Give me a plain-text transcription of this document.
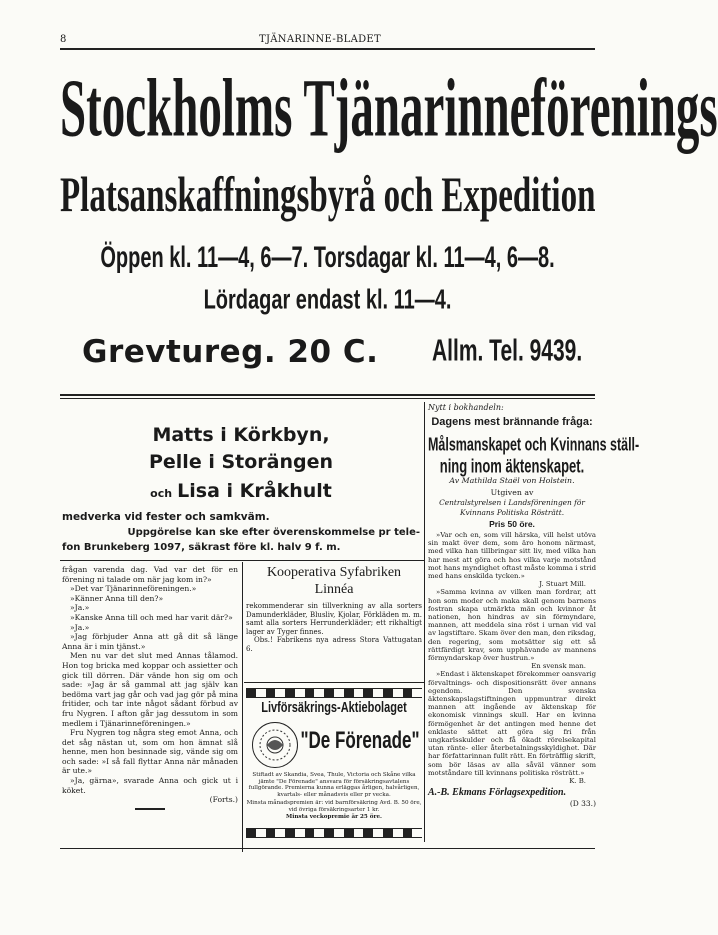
8	TJÄNARINNE-BLADET
Stockholms Tjänarinneförenings
Platsanskaffningsbyrå och Expedition
Öppen kl. 11—4, 6—7. Torsdagar kl. 11—4, 6—8.
Lördagar endast kl. 11—4.
Grevtureg. 20 C.	Allm. Tel. 9439.
Matts i Körkbyn,
Pelle i Storängen
och Lisa i Kråkhult
medverka vid fester och samkväm.
Uppgörelse kan ske efter överenskommelse pr tele-
fon Brunkeberg 1097, säkrast före kl. halv 9 f. m.

frågan varenda dag. Vad var det för en förening ni talade om när jag kom in?»

»Det var Tjänarinneföreningen.»

»Känner Anna till den?»

»Ja.»

»Kanske Anna till och med har varit där?»

»Ja.»

»Jag förbjuder Anna att gå dit så länge Anna är i min tjänst.»

Men nu var det slut med Annas tålamod. Hon tog bricka med koppar och assietter och gick till dörren. Där vände hon sig om och sade: »Jag är så gammal att jag själv kan bedöma vart jag går och vad jag gör på mina fritider, och tar inte något sådant förbud av fru Nygren. I afton går jag dessutom in som medlem i Tjänarinneföreningen.»

Fru Nygren tog några steg emot Anna, och det såg nästan ut, som om hon ämnat slå henne, men hon besinnade sig, vände sig om och sade: »I så fall flyttar Anna när månaden är ute.»

»Ja, gärna», svarade Anna och gick ut i köket.

(Forts.)
Kooperativa Syfabriken
Linnéa
rekommenderar sin tillverkning av alla sorters Damunderkläder, Blusliv, Kjolar, Förkläden m. m. samt alla sorters Herrunderkläder; ett rikhaltigt lager av Tyger finnes.
Obs.! Fabrikens nya adress Stora Vattugatan 6.
Livförsäkrings-Aktiebolaget
"De Förenade"
Stiftadt av Skandia, Svea, Thule, Victoria och Skåne vilka jämte "De Förenade" ansvara för försäkringsavtalens fullgörande. Premierna kunna erläggas årligen, halvårligen, kvartals- eller månadsvis eller pr vecka.
Minsta månadspremien är: vid barnförsäkring Avd. B. 50 öre, vid övriga försäkringsarter 1 kr.
Minsta veckopremie är 25 öre.
Nytt i bokhandeln:
Dagens mest brännande fråga:
Målsmanskapet och Kvinnans ställ-
ning inom äktenskapet.
Av Mathilda Staël von Holstein.
Utgiven av
Centralstyrelsen i Landsföreningen för
Kvinnans Politiska Rösträtt.
Pris 50 öre.

»Var och en, som vill härska, vill helst utöva sin makt över dem, som äro honom närmast, med vilka han tillbringar sitt liv, med vilka han har mest att göra och hos vilka varje motstånd mot hans myndighet oftast måste komma i strid med hans enskilda tycken.»

J. Stuart Mill.

»Samma kvinna av vilken man fordrar, att hon som moder och maka skall genom barnens fostran skapa utmärkta män och kvinnor åt nationen, hon hindras av sin förmyndare, mannen, att meddela sina röst i urnan vid val av lagstiftare. Skam över den man, den riksdag, den regering, som motsätter sig ett så rättfärdigt krav, som upphävande av mannens förmyndarskap över hustrun.»

En svensk man.

»Endast i äktenskapet förekommer oansvarig förvaltnings- och dispositionsrätt över annans egendom. Den svenska äktenskapslagstiftningen uppmuntrar direkt mannen att ingående av äktenskap för ekonomisk vinnings skull. Har en kvinna förmögenhet är det antingen med henne det enklaste sättet att göra sig fri från ungkarlsskulder och få ökadt rörelsekapital utan ränte- eller återbetalningsskyldighet. Där har författarinnan fullt rätt. En förträfflig skrift, som bör läsas av alla såväl vänner som motståndare till kvinnans politiska rösträtt.»

K. B.
A.-B. Ekmans Förlagsexpedition.
(D 33.)
